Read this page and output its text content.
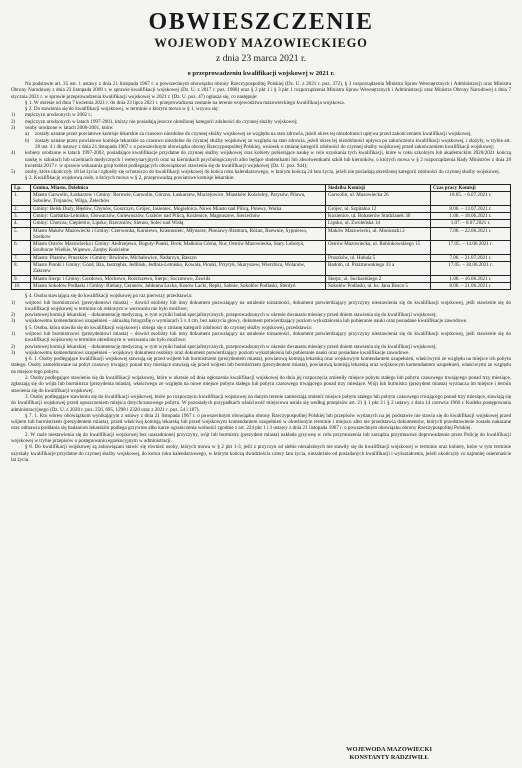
OBWIESZCZENIE
WOJEWODY MAZOWIECKIEGO
z dnia 23 marca 2021 r.
o przeprowadzeniu kwalifikacji wojskowej w 2021 r.

Na podstawie art. 35 ust. 1 ustawy z dnia 21 listopada 1967 r. o powszechnym obowiązku obrony Rzeczypospolitej Polskiej (Dz. U. z 2021 r. poz. 372), § 3 rozporządzenia Ministra Spraw Wewnętrznych i Administracji oraz Ministra Obrony Narodowej z dnia 23 listopada 2009 r. w sprawie kwalifikacji wojskowej (Dz. U. z 2017 r. poz. 1980) oraz § 2 pkt 1 i § 3 pkt 1 rozporządzenia Ministra Spraw Wewnętrznych i Administracji oraz Ministra Obrony Narodowej z dnia 7 stycznia 2021 r. w sprawie przeprowadzenia kwalifikacji wojskowej w 2021 r. (Dz. U. poz. 47) ogłasza się, co następuje:

§ 1. W okresie od dnia 7 kwietnia 2021 r. do dnia 23 lipca 2021 r. przeprowadzona zostanie na terenie województwa mazowieckiego kwalifikacja wojskowa.

§ 2. Do stawienia się do kwalifikacji wojskowej, w terminie o którym mowa w § 1, wzywa się:

1)	mężczyzn urodzonych w 2002 r.;
2)	mężczyzn urodzonych w latach 1997-2001, którzy nie posiadają jeszcze określonej kategorii zdolności do czynnej służby wojskowej;
3)	osoby urodzone w latach 2000-2001, które:
a)	zostały uznane przez powiatowe komisje lekarskie za czasowo niezdolne do czynnej służby wojskowej ze względu na stan zdrowia, jeżeli okres tej niezdolności upływa przed zakończeniem kwalifikacji wojskowej,
b)	zostały uznane przez powiatowe komisje lekarskie za czasowo niezdolne do czynnej służby wojskowej ze względu na stan zdrowia, jeżeli okres tej niezdolności upływa po zakończeniu kwalifikacji wojskowej, i złożyły, w trybie art. 28 ust. 4 i 4b ustawy z dnia 21 listopada 1967 r. o powszechnym obowiązku obrony Rzeczypospolitej Polskiej, wniosek o zmianę kategorii zdolności do czynnej służby wojskowej przed zakończeniem kwalifikacji wojskowej;
4)	kobiety urodzone w latach 1997-2002, posiadające kwalifikacje przydatne do czynnej służby wojskowej oraz kobiety pobierające naukę w celu uzyskania tych kwalifikacji, które w roku szkolnym lub akademickim 2020/2021 kończą naukę w szkołach lub uczelniach medycznych i weterynaryjnych oraz na kierunkach psychologicznych albo będące studentkami lub absolwentkami szkół lub kierunków, o których mowa w § 2 rozporządzenia Rady Ministrów z dnia 28 kwietnia 2017 r. w sprawie wskazania grup kobiet podlegających obowiązkowi stawienia się do kwalifikacji wojskowej (Dz. U. poz. 944);
5)	osoby, które ukończyły 18 lat życia i zgłosiły się ochotniczo do kwalifikacji wojskowej do końca roku kalendarzowego, w którym kończą 24 lata życia, jeżeli nie posiadają określonej kategorii zdolności do czynnej służby wojskowej.

§ 3. Kwalifikację wojskową osób, o których mowa w § 2, przeprowadzą powiatowe komisje lekarskie:

Lp.	Gmina, Miasto, Dzielnica	Siedziba Komisji	Czas pracy Komisji
1.	Miasto Garwolin, Łaskarzew i Gminy: Borowie, Garwolin, Górzno, Łaskarzew, Maciejowice, Miastków Kościelny, Parysów, Pilawa, Sobolew, Trojanów, Wilga, Żelechów	Garwolin, ul. Mazowiecka 26	18.05. – 6.07.2021 r.
2.	Gminy: Belsk Duży, Błędów, Chynów, Goszczyn, Grójec, Jasieniec, Mogielnica, Nowe Miasto nad Pilicą, Pniewy, Warka	Grójec, ul. Szpitalna 12	8.06. – 13.07.2021 r.
3.	Gminy: Garbatka-Letnisko, Głowaczów, Gniewoszów, Grabów nad Pilicą, Kozienice, Magnuszew, Sieciechów	Kozienice, ul. Bohaterów Studzianek 30	1.06. – 18.06.2021 r.
4.	Gminy: Chotcza, Ciepielów, Lipsko, Rzeczniów, Sienno, Solec nad Wisłą	Lipsko, ul. Zwoleńska 14	1.07. – 8.07.2021 r.
5.	Miasto Maków Mazowiecki i Gminy: Czerwonka, Karniewo, Krasnosielc, Młynarze, Płoniawy-Bramura, Różan, Rzewnie, Sypniewo, Szelków	Maków Mazowiecki, ul. Moniuszki 2	7.06. – 22.06.2021 r.
6.	Miasto Ostrów Mazowiecka i Gminy: Andrzejewo, Boguty-Pianki, Brok, Małkinia Górna, Nur, Ostrów Mazowiecka, Stary Lubotyń, Szulborze Wielkie, Wąsewo, Zaręby Kościelne	Ostrów Mazowiecka, ul. Rubinkowskiego 15	17.05. – 14.06.2021 r.
7.	Miasto: Piastów, Pruszków i Gminy: Brwinów, Michałowice, Nadarzyn, Raszyn	Pruszków, ul. Hubala 5	7.06. – 21.07.2021 r.
8.	Miasto Pionki i Gminy: Gózd, Iłża, Jastrzębia, Jedlińsk, Jedlnia-Letnisko, Kowala, Pionki, Przytyk, Skaryszew, Wierzbica, Wolanów, Zakrzew	Radom, ul. Prażmowskiego 33 a	17.05. – 30.06.2021 r.
9.	Miasto Sierpc i Gminy: Gozdowo, Mochowo, Rościszewo, Sierpc, Szczutowo, Zawidz	Sierpc, ul. Sucharskiego 2	1.06. – 16.06.2021 r.
10.	Miasto Sokołów Podlaski i Gminy: Bielany, Ceranów, Jabłonna Lacka, Kosów Lacki, Repki, Sabnie, Sokołów Podlaski, Sterdyń	Sokołów Podlaski, ul. ks. Jana Bosco 5	8.06. – 21.06.2021 r.

§ 4. Osoba stawiająca się do kwalifikacji wojskowej po raz pierwszy przedstawia:

1)	wójtowi lub burmistrzowi (prezydentowi miasta) – dowód osobisty lub inny dokument pozwalający na ustalenie tożsamości, dokument potwierdzający przyczyny niestawienia się do kwalifikacji wojskowej, jeśli stawienie się do kwalifikacji wojskowej w terminie ok reklonym w wezwaniu nie było możliwe;
2)	powiatowej komisji lekarskiej – dokumentację medyczną, w tym wyniki badań specjalistycznych, przeprowadzonych w okresie dwunastu miesięcy przed dniem stawienia się do kwalifikacji wojskowej;
3)	wojskowemu komendantowi uzupełnień – aktualną fotografię o wymiarach 3 x 4 cm, bez nakrycia głowy, dokument potwierdzający poziom wykształcenia lub pobieranie nauki oraz posiadane kwalifikacje zawodowe.

§ 5. Osoba, która stawiła się do kwalifikacji wojskowej i ubiega się o zmianę kategorii zdolności do czynnej służby wojskowej, przedstawia:

1)	wójtowi lub burmistrzowi (prezydentowi miasta) – dowód osobisty lub inny dokument pozwalający na ustalenie tożsamości, dokument potwierdzający przyczyny niestawienia się do kwalifikacji wojskowej, jeśli stawienie się do kwalifikacji wojskowej w terminie określonym w wezwaniu nie było możliwe;
2)	powiatowej komisji lekarskiej – dokumentację medyczną, w tym wyniki badań specjalistycznych, przeprowadzonych w okresie dwunastu miesięcy przed dniem stawienia się do kwalifikacji wojskowej;
3)	wojskowemu komendantowi uzupełnień – wojskowy dokument osobisty oraz dokument potwierdzający poziom wykształcenia lub pobieranie nauki oraz posiadane kwalifikacje zawodowe.

§ 6. 1. Osoby podlegające kwalifikacji wojskowej stawiają się przed wójtem lub burmistrzem (prezydentem miasta), powiatową komisją lekarską oraz wojskowym komendantem uzupełnień, właściwymi ze względu na miejsce ich pobytu stałego. Osoby zameldowane na pobyt czasowy trwający ponad trzy miesiące stawiają się przed wójtem lub burmistrzem (prezydentem miasta), powiatową komisją lekarską oraz wojskowym komendantem uzupełnień, właściwymi ze względu na miejsce tego pobytu.

2. Osoby podlegające stawieniu się do kwalifikacji wojskowej, które w okresie od dnia ogłoszenia kwalifikacji wojskowej do dnia jej rozpoczęcia zmieniły miejsce pobytu stałego lub pobytu czasowego trwającego ponad trzy miesiące, zgłaszają się do wójta lub burmistrza (prezydenta miasta), właściwego ze względu na nowe miejsce pobytu stałego lub pobytu czasowego trwającego ponad trzy miesiące. Wójt lub burmistrz (prezydent miasta) wyznacza im miejsce i termin stawienia się do kwalifikacji wojskowej.

3. Osoby podlegające stawieniu się do kwalifikacji wojskowej, które po rozpoczęciu kwalifikacji wojskowej na danym terenie zamierzają zmienić miejsce pobytu stałego lub pobytu czasowego trwającego ponad trzy miesiące, stawiają się do kwalifikacji wojskowej przed opuszczeniem miejsca dotychczasowego pobytu. W pozostałych przypadkach właściwość miejscowa ustala się według przepisów art. 21 § 1 pkt 3 i § 2 ustawy z dnia 14 czerwca 1960 r. Kodeks postępowania administracyjnego (Dz. U. z 2020 r. poz. 256, 695, 1298 i 2320 oraz z 2021 r. poz. 54 i 187).

§ 7. 1. Kto wbrew obowiązkom wynikającym z ustawy z dnia 21 listopada 1967 r. o powszechnym obowiązku obrony Rzeczypospolitej Polskiej lub przepisów wydanych na jej podstawie nie stawia się do kwalifikacji wojskowej przed wójtem lub burmistrzem (prezydentem miasta), przed właściwą komisją lekarską lub przed wojskowym komendantem uzupełnień w określonym terminie i miejscu albo nie przedstawia dokumentów, których przedstawienie zostało nakazane oraz odmawia poddania się badaniom lekarskim podlega grzywnie albo karze ograniczenia wolności zgodnie z art. 224 pkt 1 i 3 ustawy z dnia 21 listopada 1967 r. o powszechnym obowiązku obrony Rzeczypospolitej Polskiej.

2. W razie niestawienia się do kwalifikacji wojskowej bez uzasadnionej przyczyny, wójt lub burmistrz (prezydent miasta) nakłada grzywnę w celu przymuszenia lub zarządza przymusowe doprowadzenie przez Policję do kwalifikacji wojskowej w trybie przepisów o postępowaniu egzekucyjnym w administracji.

§ 8. Do kwalifikacji wojskowej są zobowiązani stawić się również osoby, których mowa w § 2 pkt 1-3, jeśli z przyczyn od siebie niezależnych nie stawiły się do kwalifikacji wojskowej w terminie oraz kobiety, które w tym terminie uzyskały kwalifikacje przydatne do czynnej służby wojskowej, do końca roku kalendarzowego, w którym kończą dwadzieścia cztery lata życia, niezależnie od posiadanych kwalifikacji i wykształcenia, jeżeli ukończyły co najmniej osiemnaście lat życia.

WOJEWODA MAZOWIECKI
KONSTANTY RADZIWIŁŁ
